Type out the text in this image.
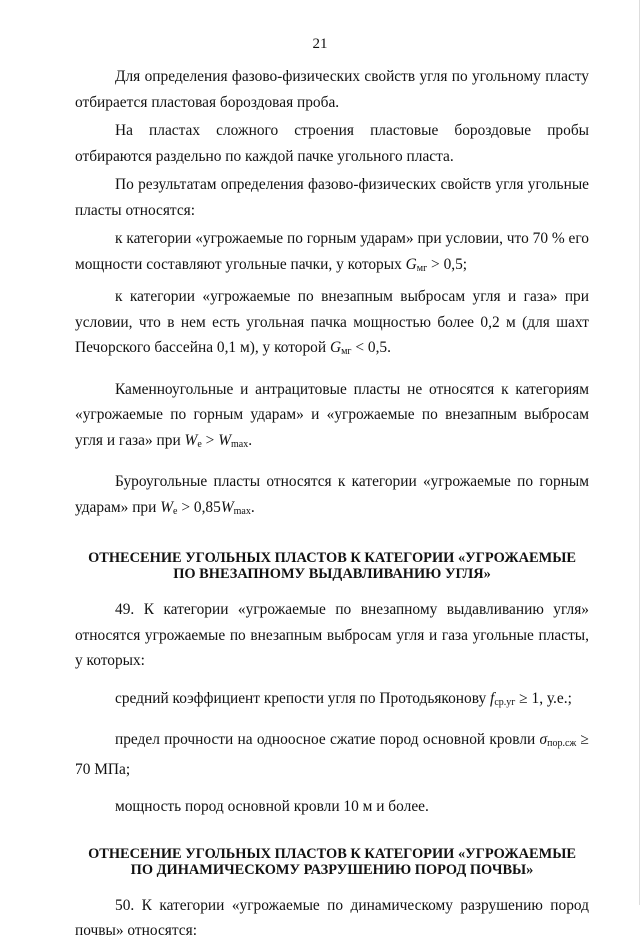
21

Для определения фазово-физических свойств угля по угольному пласту отбирается пластовая бороздовая проба.

На пластах сложного строения пластовые бороздовые пробы отбираются раздельно по каждой пачке угольного пласта.

По результатам определения фазово-физических свойств угля угольные пласты относятся:

к категории «угрожаемые по горным ударам» при условии, что 70 % его мощности составляют угольные пачки, у которых $G_{мг} > 0,5$;

к категории «угрожаемые по внезапным выбросам угля и газа» при условии, что в нем есть угольная пачка мощностью более 0,2 м (для шахт Печорского бассейна 0,1 м), у которой $G_{мг} < 0,5$.

Каменноугольные и антрацитовые пласты не относятся к категориям «угрожаемые по горным ударам» и «угрожаемые по внезапным выбросам угля и газа» при $W_е > W_{max}$.

Буроугольные пласты относятся к категории «угрожаемые по горным ударам» при $W_е > 0,85W_{max}$.

ОТНЕСЕНИЕ УГОЛЬНЫХ ПЛАСТОВ К КАТЕГОРИИ «УГРОЖАЕМЫЕ
ПО ВНЕЗАПНОМУ ВЫДАВЛИВАНИЮ УГЛЯ»

49. К категории «угрожаемые по внезапному выдавливанию угля» относятся угрожаемые по внезапным выбросам угля и газа угольные пласты, у которых:

средний коэффициент крепости угля по Протодьяконову $f_{ср.уг} \ge 1$, у.е.;

предел прочности на одноосное сжатие пород основной кровли $\sigma_{пор.сж} \ge 70$ МПа;

мощность пород основной кровли 10 м и более.

ОТНЕСЕНИЕ УГОЛЬНЫХ ПЛАСТОВ К КАТЕГОРИИ «УГРОЖАЕМЫЕ
ПО ДИНАМИЧЕСКОМУ РАЗРУШЕНИЮ ПОРОД ПОЧВЫ»

50. К категории «угрожаемые по динамическому разрушению пород почвы» относятся:
